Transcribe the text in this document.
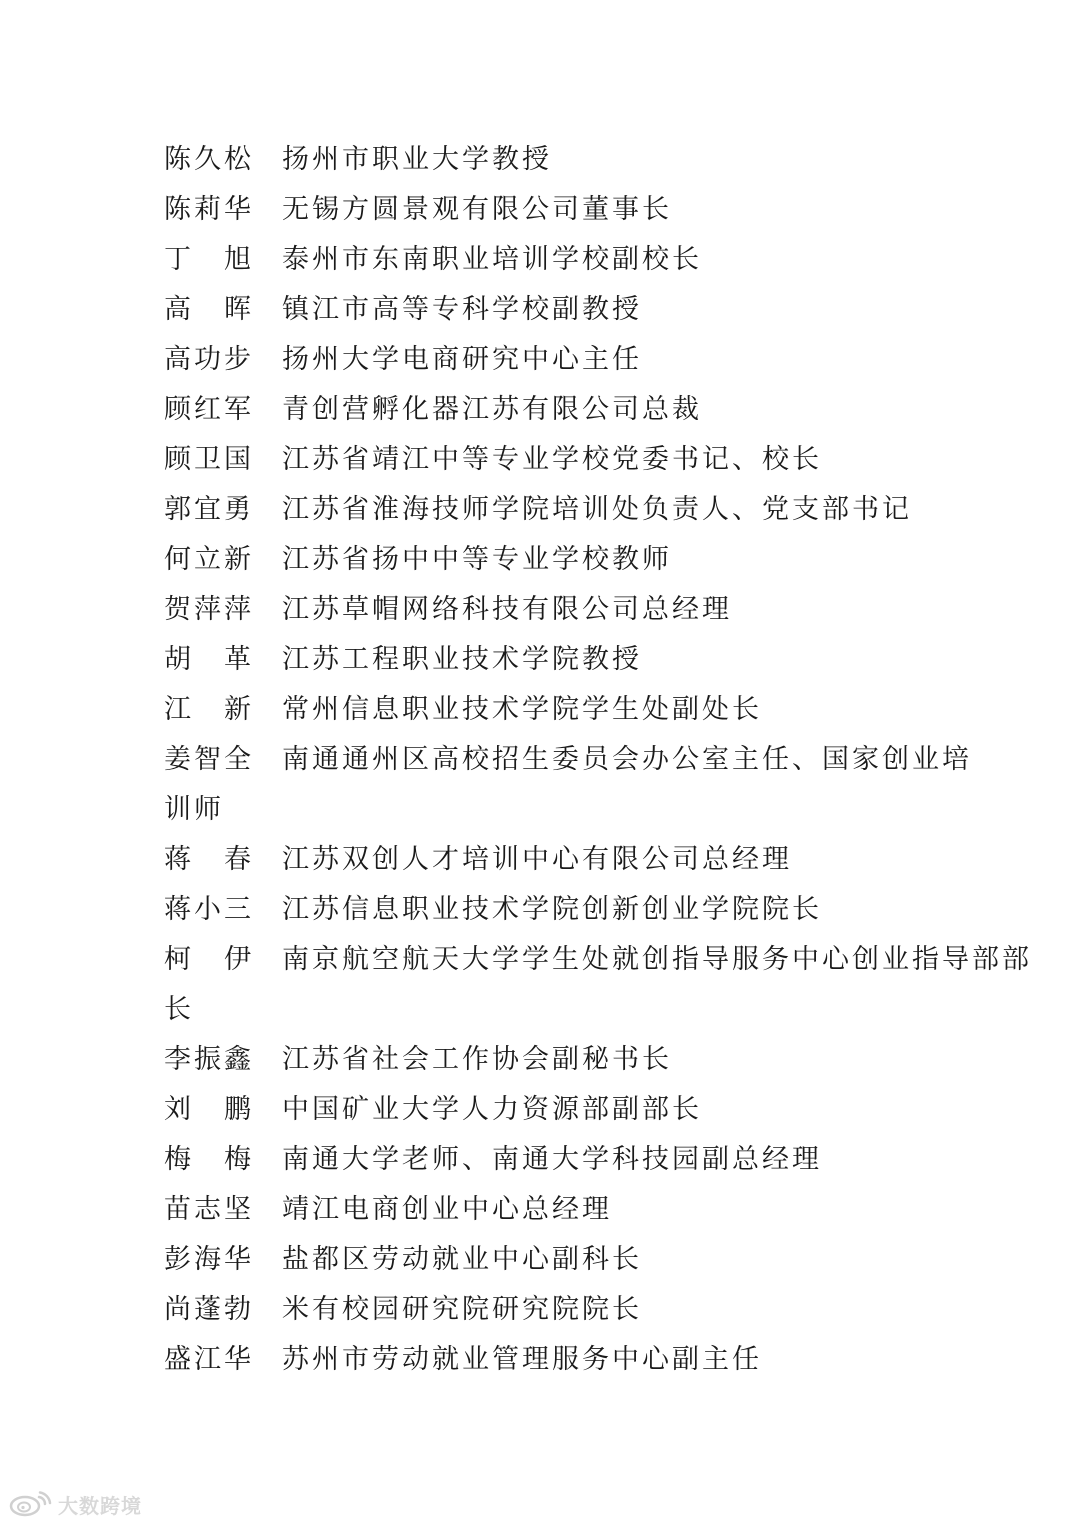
陈久松	扬州市职业大学教授
陈莉华	无锡方圆景观有限公司董事长
丁　旭	泰州市东南职业培训学校副校长
高　晖	镇江市高等专科学校副教授
高功步	扬州大学电商研究中心主任
顾红军	青创营孵化器江苏有限公司总裁
顾卫国	江苏省靖江中等专业学校党委书记、校长
郭宜勇	江苏省淮海技师学院培训处负责人、党支部书记
何立新	江苏省扬中中等专业学校教师
贺萍萍	江苏草帽网络科技有限公司总经理
胡　革	江苏工程职业技术学院教授
江　新	常州信息职业技术学院学生处副处长
姜智全	南通通州区高校招生委员会办公室主任、国家创业培
训师
蒋　春	江苏双创人才培训中心有限公司总经理
蒋小三	江苏信息职业技术学院创新创业学院院长
柯　伊	南京航空航天大学学生处就创指导服务中心创业指导部部
长
李振鑫	江苏省社会工作协会副秘书长
刘　鹏	中国矿业大学人力资源部副部长
梅　梅	南通大学老师、南通大学科技园副总经理
苗志坚	靖江电商创业中心总经理
彭海华	盐都区劳动就业中心副科长
尚蓬勃	米有校园研究院研究院院长
盛江华	苏州市劳动就业管理服务中心副主任
大数跨境
